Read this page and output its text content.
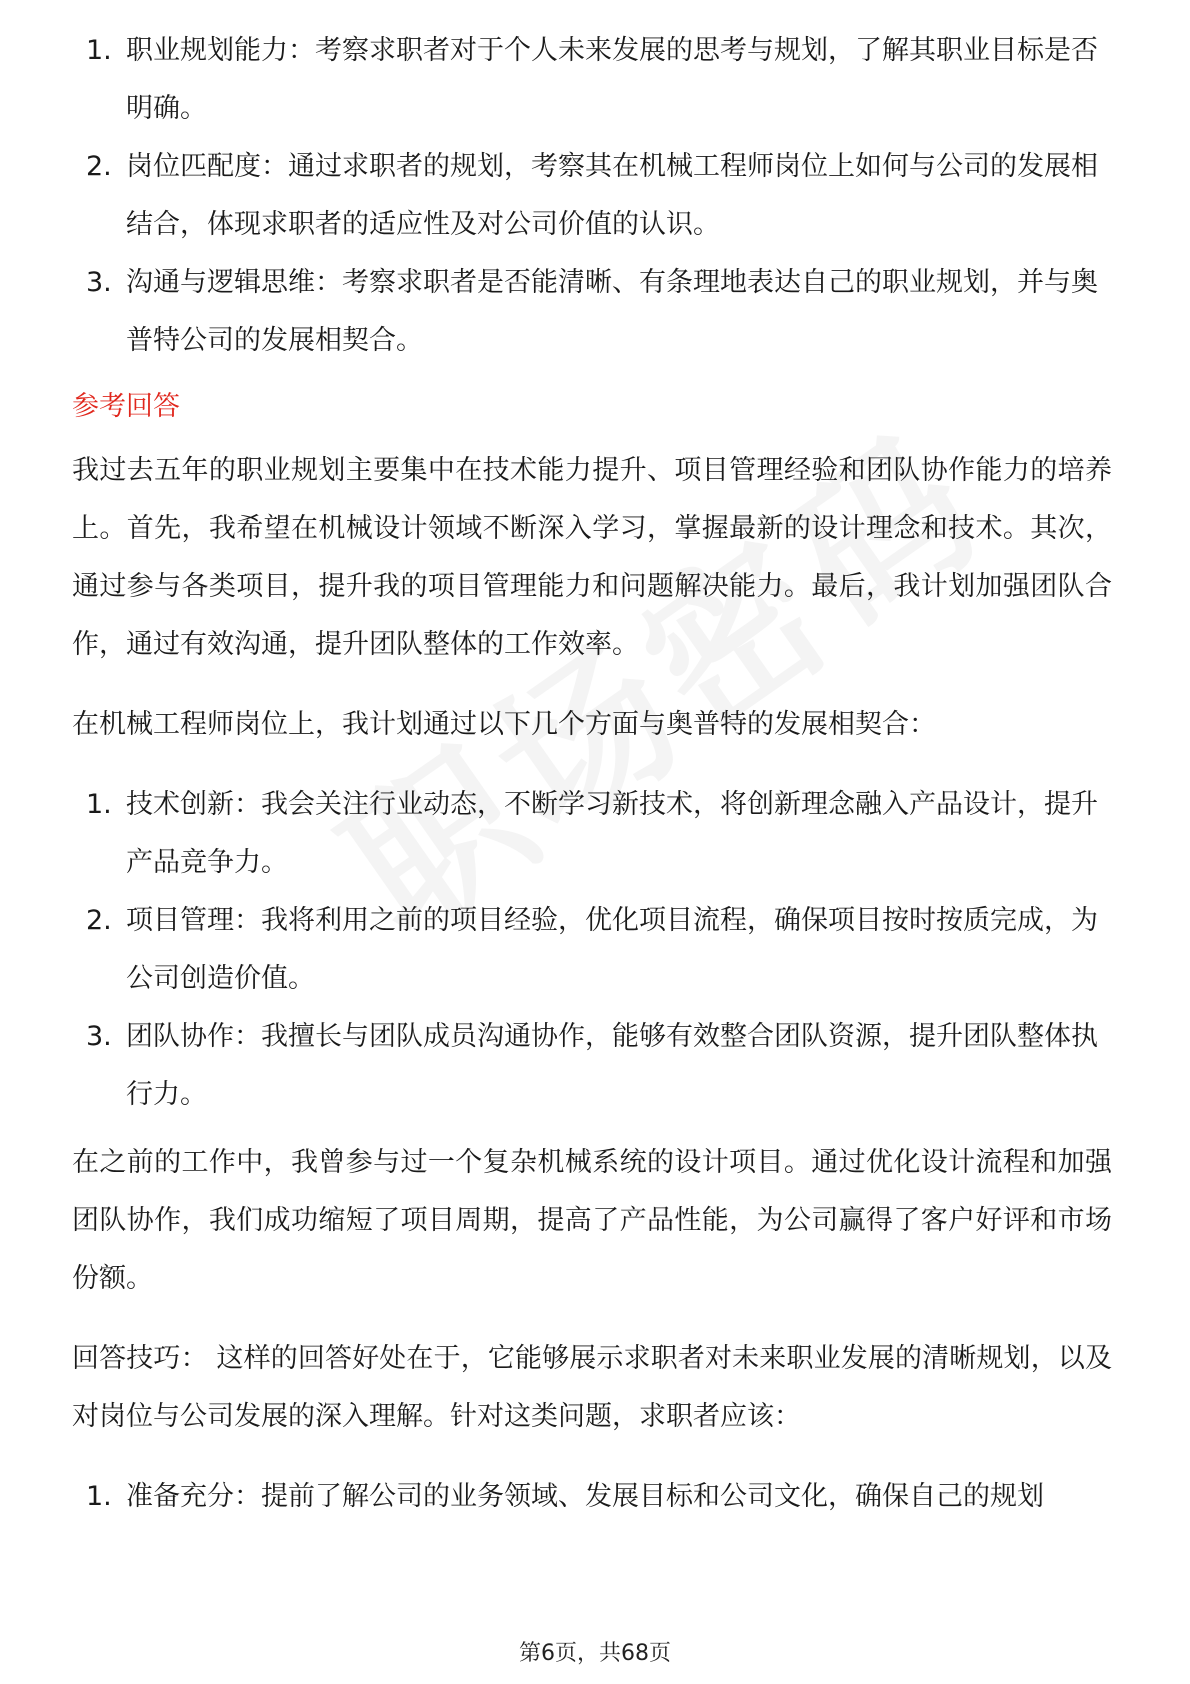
1. 职业规划能力：考察求职者对于个人未来发展的思考与规划，了解其职业目标是否明确。
2. 岗位匹配度：通过求职者的规划，考察其在机械工程师岗位上如何与公司的发展相结合，体现求职者的适应性及对公司价值的认识。
3. 沟通与逻辑思维：考察求职者是否能清晰、有条理地表达自己的职业规划，并与奥普特公司的发展相契合。
参考回答

我过去五年的职业规划主要集中在技术能力提升、项目管理经验和团队协作能力的培养上。首先，我希望在机械设计领域不断深入学习，掌握最新的设计理念和技术。其次，通过参与各类项目，提升我的项目管理能力和问题解决能力。最后，我计划加强团队合作，通过有效沟通，提升团队整体的工作效率。

在机械工程师岗位上，我计划通过以下几个方面与奥普特的发展相契合：

1. 技术创新：我会关注行业动态，不断学习新技术，将创新理念融入产品设计，提升产品竞争力。
2. 项目管理：我将利用之前的项目经验，优化项目流程，确保项目按时按质完成，为公司创造价值。
3. 团队协作：我擅长与团队成员沟通协作，能够有效整合团队资源，提升团队整体执行力。

在之前的工作中，我曾参与过一个复杂机械系统的设计项目。通过优化设计流程和加强团队协作，我们成功缩短了项目周期，提高了产品性能，为公司赢得了客户好评和市场份额。

回答技巧： 这样的回答好处在于，它能够展示求职者对未来职业发展的清晰规划，以及对岗位与公司发展的深入理解。针对这类问题，求职者应该：

1. 准备充分：提前了解公司的业务领域、发展目标和公司文化，确保自己的规划
第6页，共68页
